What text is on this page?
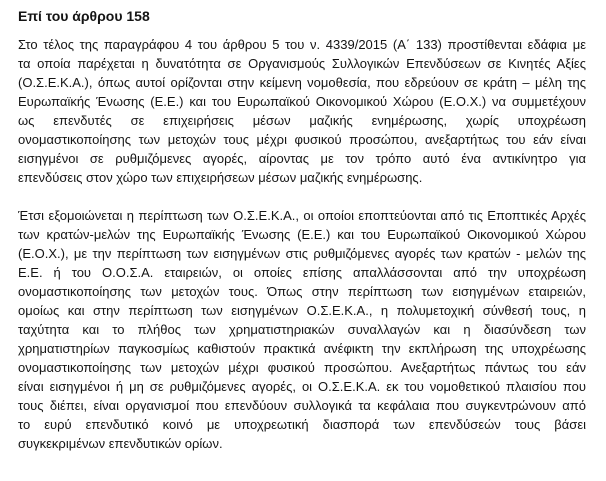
Επί του άρθρου 158

Στο τέλος της παραγράφου 4 του άρθρου 5 του ν. 4339/2015 (Α΄ 133) προστίθενται εδάφια με
τα οποία παρέχεται η δυνατότητα σε Οργανισμούς Συλλογικών Επενδύσεων σε Κινητές Αξίες
(Ο.Σ.Ε.Κ.Α.), όπως αυτοί ορίζονται στην κείμενη νομοθεσία, που εδρεύουν σε κράτη – μέλη της
Ευρωπαϊκής Ένωσης (Ε.Ε.) και του Ευρωπαϊκού Οικονομικού Χώρου (Ε.Ο.Χ.) να συμμετέχουν
ως επενδυτές σε επιχειρήσεις μέσων μαζικής ενημέρωσης, χωρίς υποχρέωση
ονομαστικοποίησης των μετοχών τους μέχρι φυσικού προσώπου, ανεξαρτήτως του εάν είναι
εισηγμένοι σε ρυθμιζόμενες αγορές, αίροντας με τον τρόπο αυτό ένα αντικίνητρο για
επενδύσεις στον χώρο των επιχειρήσεων μέσων μαζικής ενημέρωσης.

Έτσι εξομοιώνεται η περίπτωση των Ο.Σ.Ε.Κ.Α., οι οποίοι εποπτεύονται από τις Εποπτικές Αρχές
των κρατών-μελών της Ευρωπαϊκής Ένωσης (Ε.Ε.) και του Ευρωπαϊκού Οικονομικού Χώρου
(Ε.Ο.Χ.), με την περίπτωση των εισηγμένων στις ρυθμιζόμενες αγορές των κρατών - μελών της
Ε.Ε. ή του Ο.Ο.Σ.Α. εταιρειών, οι οποίες επίσης απαλλάσσονται από την υποχρέωση
ονομαστικοποίησης των μετοχών τους. Όπως στην περίπτωση των εισηγμένων εταιρειών,
ομοίως και στην περίπτωση των εισηγμένων Ο.Σ.Ε.Κ.Α., η πολυμετοχική σύνθεσή τους, η
ταχύτητα και το πλήθος των χρηματιστηριακών συναλλαγών και η διασύνδεση των
χρηματιστηρίων παγκοσμίως καθιστούν πρακτικά ανέφικτη την εκπλήρωση της υποχρέωσης
ονομαστικοποίησης των μετοχών μέχρι φυσικού προσώπου. Ανεξαρτήτως πάντως του εάν
είναι εισηγμένοι ή μη σε ρυθμιζόμενες αγορές, οι Ο.Σ.Ε.Κ.Α. εκ του νομοθετικού πλαισίου που
τους διέπει, είναι οργανισμοί που επενδύουν συλλογικά τα κεφάλαια που συγκεντρώνουν από
το ευρύ επενδυτικό κοινό με υποχρεωτική διασπορά των επενδύσεών τους βάσει
συγκεκριμένων επενδυτικών ορίων.
